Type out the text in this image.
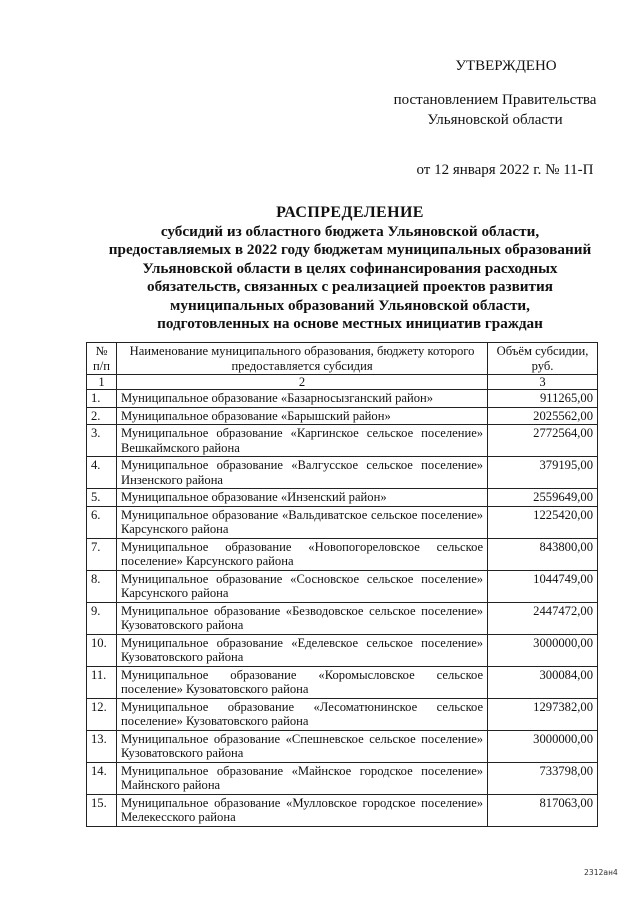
УТВЕРЖДЕНО
постановлением Правительства
Ульяновской области
от 12 января 2022 г. № 11-П
РАСПРЕДЕЛЕНИЕ
субсидий из областного бюджета Ульяновской области,
предоставляемых в 2022 году бюджетам муниципальных образований
Ульяновской области в целях софинансирования расходных
обязательств, связанных с реализацией проектов развития
муниципальных образований Ульяновской области,
подготовленных на основе местных инициатив граждан
№ п/п	Наименование муниципального образования, бюджету которого предоставляется субсидия	Объём субсидии, руб.
1	2	3
1.	Муниципальное образование «Базарносызганский район»	911265,00
2.	Муниципальное образование «Барышский район»	2025562,00
3.	Муниципальное образование «Каргинское сельское поселение» Вешкаймского района	2772564,00
4.	Муниципальное образование «Валгусское сельское поселение» Инзенского района	379195,00
5.	Муниципальное образование «Инзенский район»	2559649,00
6.	Муниципальное образование «Вальдиватское сельское поселение» Карсунского района	1225420,00
7.	Муниципальное образование «Новопогореловское сельское поселение» Карсунского района	843800,00
8.	Муниципальное образование «Сосновское сельское поселение» Карсунского района	1044749,00
9.	Муниципальное образование «Безводовское сельское поселение» Кузоватовского района	2447472,00
10.	Муниципальное образование «Еделевское сельское поселение» Кузоватовского района	3000000,00
11.	Муниципальное образование «Коромысловское сельское поселение» Кузоватовского района	300084,00
12.	Муниципальное образование «Лесоматюнинское сельское поселение» Кузоватовского района	1297382,00
13.	Муниципальное образование «Спешневское сельское поселение» Кузоватовского района	3000000,00
14.	Муниципальное образование «Майнское городское поселение» Майнского района	733798,00
15.	Муниципальное образование «Мулловское городское поселение» Мелекесского района	817063,00
2312ан4
